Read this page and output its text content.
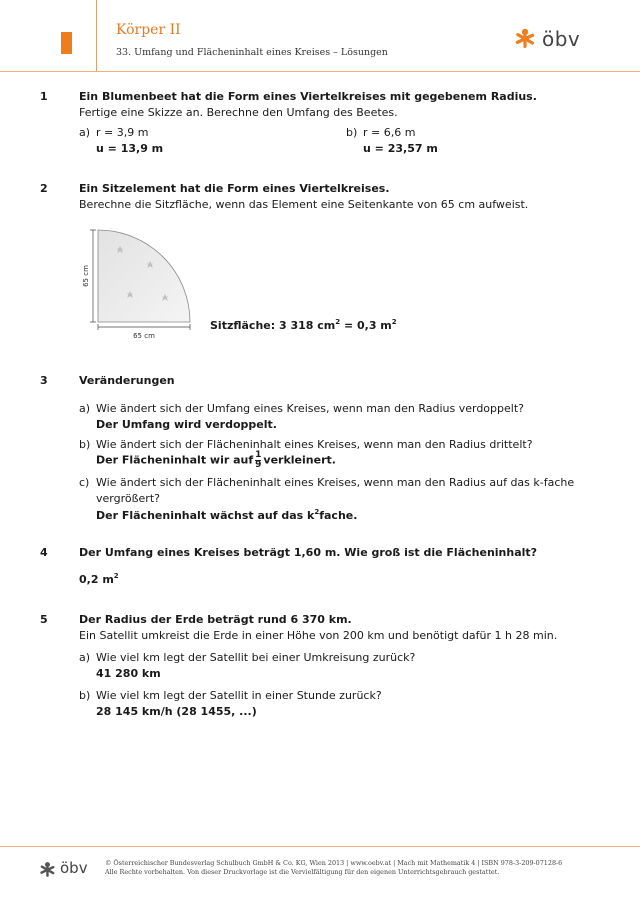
Körper II
33. Umfang und Flächeninhalt eines Kreises – Lösungen
öbv
1	Ein Blumenbeet hat die Form eines Viertelkreises mit gegebenem Radius.
Fertige eine Skizze an. Berechne den Umfang des Beetes.
a) r = 3,9 m
u = 13,9 m
b) r = 6,6 m
u = 23,57 m
2	Ein Sitzelement hat die Form eines Viertelkreises.
Berechne die Sitzfläche, wenn das Element eine Seitenkante von 65 cm aufweist.
65 cm
65 cm
Sitzfläche: 3 318 $cm^2 = 0,3$ $m^2$
3	Veränderungen
a) Wie ändert sich der Umfang eines Kreises, wenn man den Radius verdoppelt?
Der Umfang wird verdoppelt.
b) Wie ändert sich der Flächeninhalt eines Kreises, wenn man den Radius drittelt?
Der Flächeninhalt wir auf $\frac{1}{9}$ verkleinert.
c) Wie ändert sich der Flächeninhalt eines Kreises, wenn man den Radius auf das k-fache
vergrößert?
Der Flächeninhalt wächst auf das $k^2fache$.
4	Der Umfang eines Kreises beträgt 1,60 m. Wie groß ist die Flächeninhalt?
0,2 $m^2$
5	Der Radius der Erde beträgt rund 6 370 km.
Ein Satellit umkreist die Erde in einer Höhe von 200 km und benötigt dafür 1 h 28 min.
a) Wie viel km legt der Satellit bei einer Umkreisung zurück?
41 280 km
b) Wie viel km legt der Satellit in einer Stunde zurück?
28 145 km/h (28 1455, ...)
öbv	© Österreichischer Bundesverlag Schulbuch GmbH & Co. KG, Wien 2013 | www.oebv.at | Mach mit Mathematik 4 | ISBN 978-3-209-07128-6
Alle Rechte vorbehalten. Von dieser Druckvorlage ist die Vervielfältigung für den eigenen Unterrichtsgebrauch gestattet.
